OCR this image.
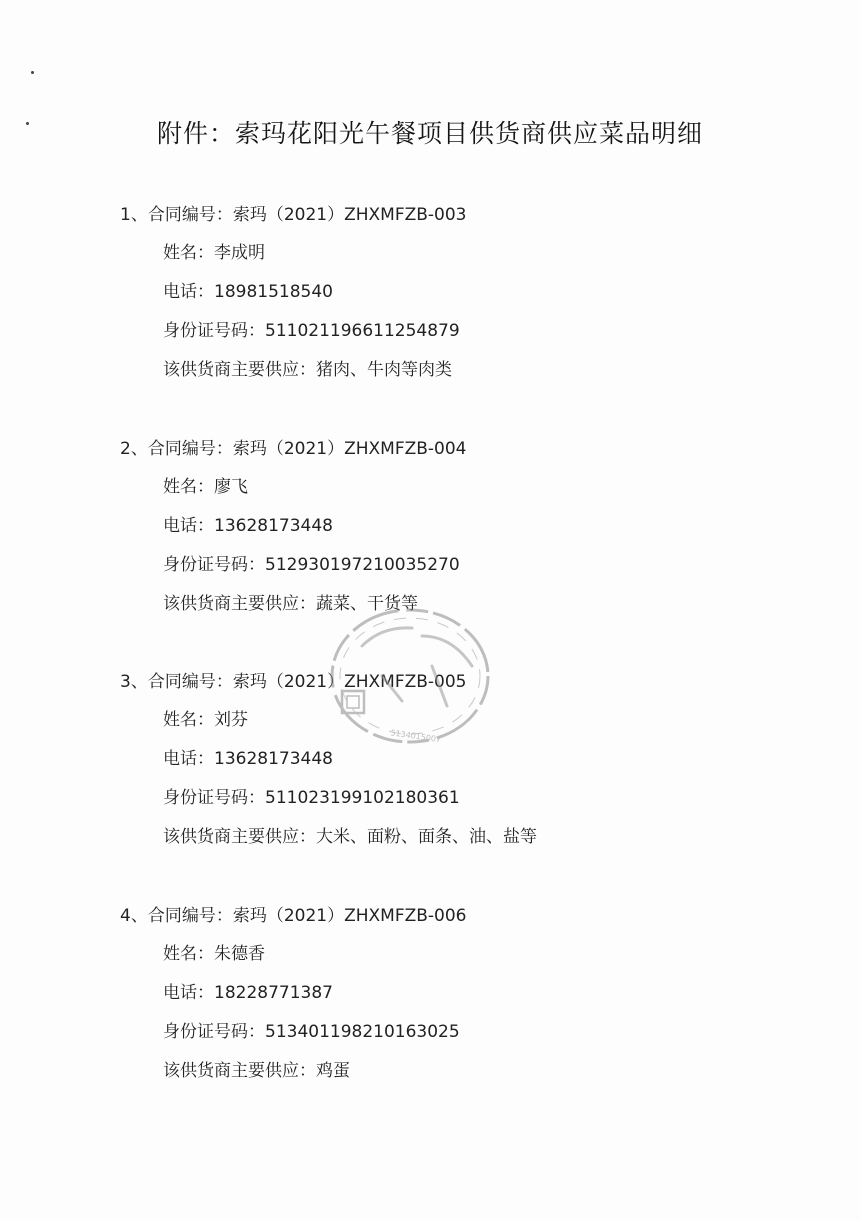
附件：索玛花阳光午餐项目供货商供应菜品明细
1、合同编号：索玛（2021）ZHXMFZB-003
姓名：李成明
电话：18981518540
身份证号码：511021196611254879
该供货商主要供应：猪肉、牛肉等肉类
2、合同编号：索玛（2021）ZHXMFZB-004
姓名：廖飞
电话：13628173448
身份证号码：512930197210035270
该供货商主要供应：蔬菜、干货等
3、合同编号：索玛（2021）ZHXMFZB-005
姓名：刘芬
电话：13628173448
身份证号码：511023199102180361
该供货商主要供应：大米、面粉、面条、油、盐等
4、合同编号：索玛（2021）ZHXMFZB-006
姓名：朱德香
电话：18228771387
身份证号码：513401198210163025
该供货商主要供应：鸡蛋
5134015007
